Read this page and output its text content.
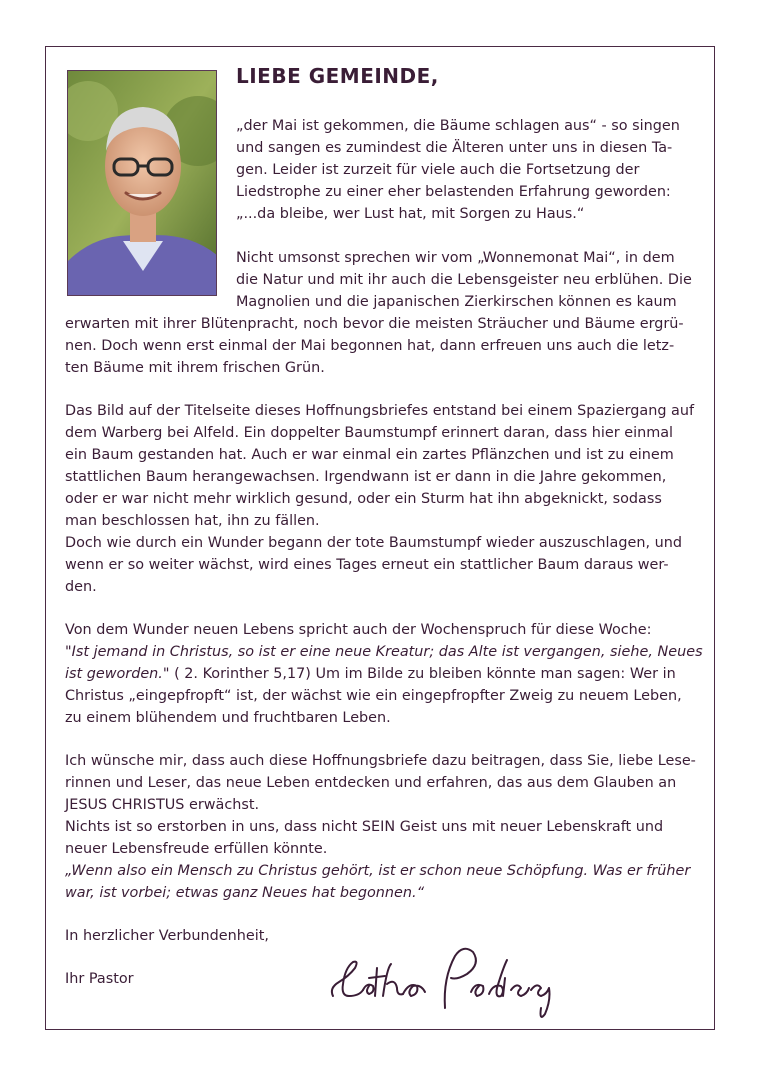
LIEBE GEMEINDE,
„der Mai ist gekommen, die Bäume schlagen aus“ - so singen
und sangen es zumindest die Älteren unter uns in diesen Ta-
gen. Leider ist zurzeit für viele auch die Fortsetzung der
Liedstrophe zu einer eher belastenden Erfahrung geworden:
„...da bleibe, wer Lust hat, mit Sorgen zu Haus.“
Nicht umsonst sprechen wir vom „Wonnemonat Mai“, in dem
die Natur und mit ihr auch die Lebensgeister neu erblühen. Die
Magnolien und die japanischen Zierkirschen können es kaum
erwarten mit ihrer Blütenpracht, noch bevor die meisten Sträucher und Bäume ergrü-
nen. Doch wenn erst einmal der Mai begonnen hat, dann erfreuen uns auch die letz-
ten Bäume mit ihrem frischen Grün.
Das Bild auf der Titelseite dieses Hoffnungsbriefes entstand bei einem Spaziergang auf
dem Warberg bei Alfeld. Ein doppelter Baumstumpf erinnert daran, dass hier einmal
ein Baum gestanden hat. Auch er war einmal ein zartes Pflänzchen und ist zu einem
stattlichen Baum herangewachsen. Irgendwann ist er dann in die Jahre gekommen,
oder er war nicht mehr wirklich gesund, oder ein Sturm hat ihn abgeknickt, sodass
man beschlossen hat, ihn zu fällen.
Doch wie durch ein Wunder begann der tote Baumstumpf wieder auszuschlagen, und
wenn er so weiter wächst, wird eines Tages erneut ein stattlicher Baum daraus wer-
den.
Von dem Wunder neuen Lebens spricht auch der Wochenspruch für diese Woche:
"Ist jemand in Christus, so ist er eine neue Kreatur; das Alte ist vergangen, siehe, Neues
ist geworden." ( 2. Korinther 5,17) Um im Bilde zu bleiben könnte man sagen: Wer in
Christus „eingepfropft“ ist, der wächst wie ein eingepfropfter Zweig zu neuem Leben,
zu einem blühendem und fruchtbaren Leben.
Ich wünsche mir, dass auch diese Hoffnungsbriefe dazu beitragen, dass Sie, liebe Lese-
rinnen und Leser, das neue Leben entdecken und erfahren, das aus dem Glauben an
JESUS CHRISTUS erwächst.
Nichts ist so erstorben in uns, dass nicht SEIN Geist uns mit neuer Lebenskraft und
neuer Lebensfreude erfüllen könnte.
„Wenn also ein Mensch zu Christus gehört, ist er schon neue Schöpfung. Was er früher
war, ist vorbei; etwas ganz Neues hat begonnen.“
In herzlicher Verbundenheit,
Ihr Pastor
